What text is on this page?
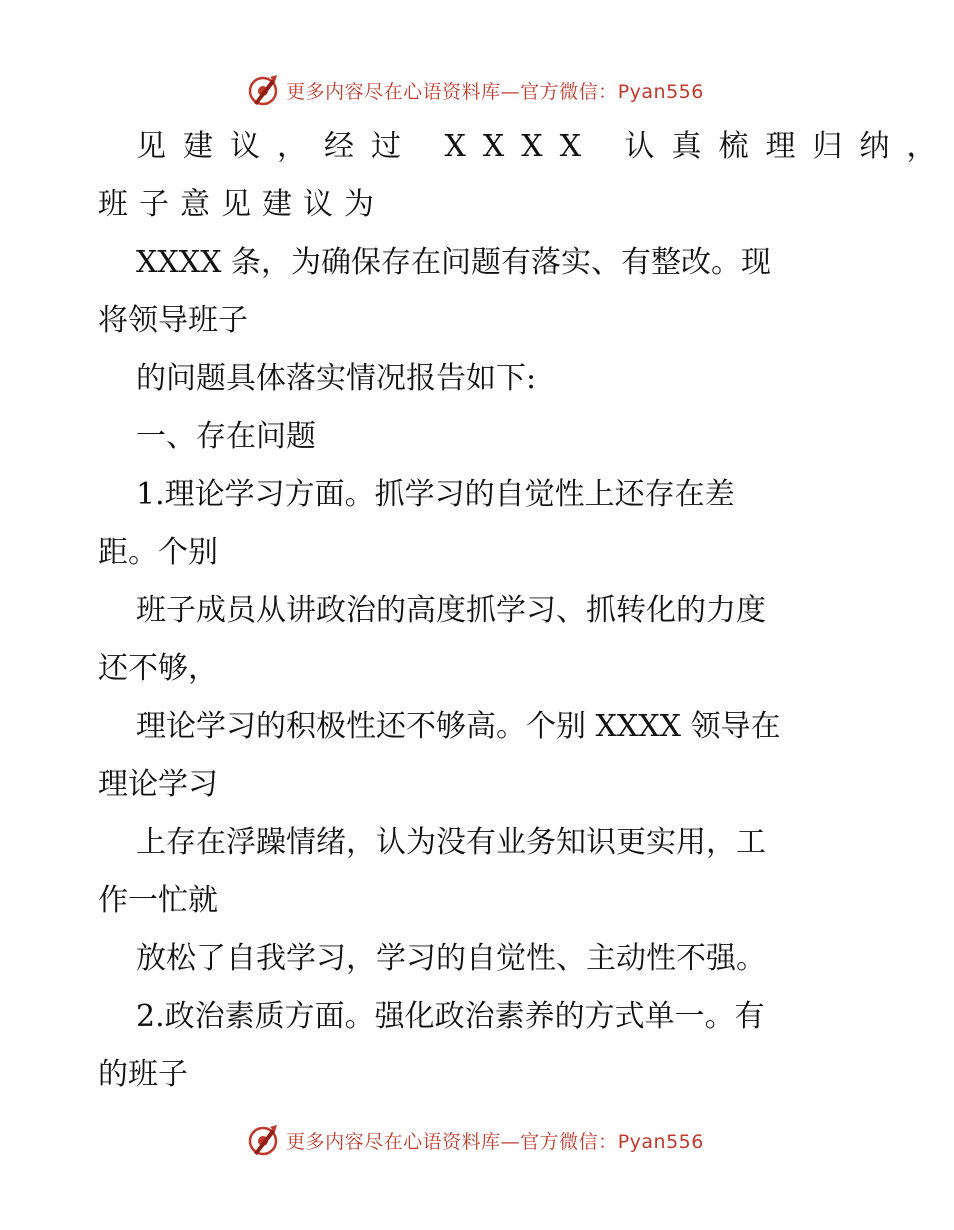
更多内容尽在心语资料库—官方微信：Pyan556
见建议，经过 XXXX 认真梳理归纳，
班子意见建议为
XXXX 条，为确保存在问题有落实、有整改。现
将领导班子
的问题具体落实情况报告如下:
一、存在问题
1.理论学习方面。抓学习的自觉性上还存在差
距。个别
班子成员从讲政治的高度抓学习、抓转化的力度
还不够，
理论学习的积极性还不够高。个别 XXXX 领导在
理论学习
上存在浮躁情绪，认为没有业务知识更实用，工
作一忙就
放松了自我学习，学习的自觉性、主动性不强。
2.政治素质方面。强化政治素养的方式单一。有
的班子
更多内容尽在心语资料库—官方微信：Pyan556
